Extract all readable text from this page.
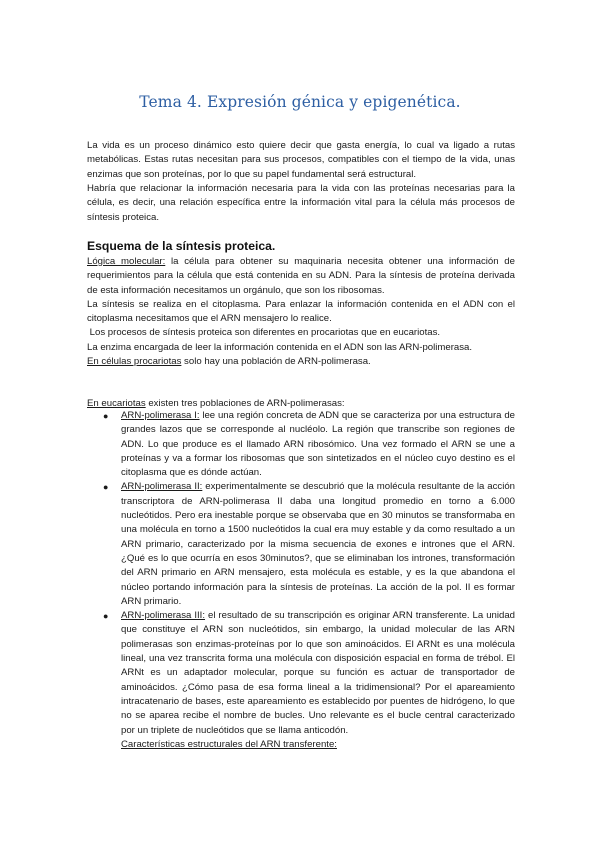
Tema 4. Expresión génica y epigenética.
La vida es un proceso dinámico esto quiere decir que gasta energía, lo cual va ligado a rutas metabólicas. Estas rutas necesitan para sus procesos, compatibles con el tiempo de la vida, unas enzimas que son proteínas, por lo que su papel fundamental será estructural.
Habría que relacionar la información necesaria para la vida con las proteínas necesarias para la célula, es decir, una relación específica entre la información vital para la célula más procesos de síntesis proteica.
Esquema de la síntesis proteica.
Lógica molecular: la célula para obtener su maquinaria necesita obtener una información de requerimientos para la célula que está contenida en su ADN. Para la síntesis de proteína derivada de esta información necesitamos un orgánulo, que son los ribosomas.
La síntesis se realiza en el citoplasma. Para enlazar la información contenida en el ADN con el citoplasma necesitamos que el ARN mensajero lo realice.
Los procesos de síntesis proteica son diferentes en procariotas que en eucariotas.
La enzima encargada de leer la información contenida en el ADN son las ARN-polimerasa.
En células procariotas solo hay una población de ARN-polimerasa.
En eucariotas existen tres poblaciones de ARN-polimerasas:
● ARN-polimerasa I: lee una región concreta de ADN que se caracteriza por una estructura de grandes lazos que se corresponde al nucléolo. La región que transcribe son regiones de ADN. Lo que produce es el llamado ARN ribosómico. Una vez formado el ARN se une a proteínas y va a formar los ribosomas que son sintetizados en el núcleo cuyo destino es el citoplasma que es dónde actúan.
● ARN-polimerasa II: experimentalmente se descubrió que la molécula resultante de la acción transcriptora de ARN-polimerasa II daba una longitud promedio en torno a 6.000 nucleótidos. Pero era inestable porque se observaba que en 30 minutos se transformaba en una molécula en torno a 1500 nucleótidos la cual era muy estable y da como resultado a un ARN primario, caracterizado por la misma secuencia de exones e intrones que el ARN. ¿Qué es lo que ocurría en esos 30minutos?, que se eliminaban los intrones, transformación del ARN primario en ARN mensajero, esta molécula es estable, y es la que abandona el núcleo portando información para la síntesis de proteínas. La acción de la pol. II es formar ARN primario.
● ARN-polimerasa III: el resultado de su transcripción es originar ARN transferente. La unidad que constituye el ARN son nucleótidos, sin embargo, la unidad molecular de las ARN polimerasas son enzimas-proteínas por lo que son aminoácidos. El ARNt es una molécula lineal, una vez transcrita forma una molécula con disposición espacial en forma de trébol. El ARNt es un adaptador molecular, porque su función es actuar de transportador de aminoácidos. ¿Cómo pasa de esa forma lineal a la tridimensional? Por el apareamiento intracatenario de bases, este apareamiento es establecido por puentes de hidrógeno, lo que no se aparea recibe el nombre de bucles. Uno relevante es el bucle central caracterizado por un triplete de nucleótidos que se llama anticodón.
Características estructurales del ARN transferente:
